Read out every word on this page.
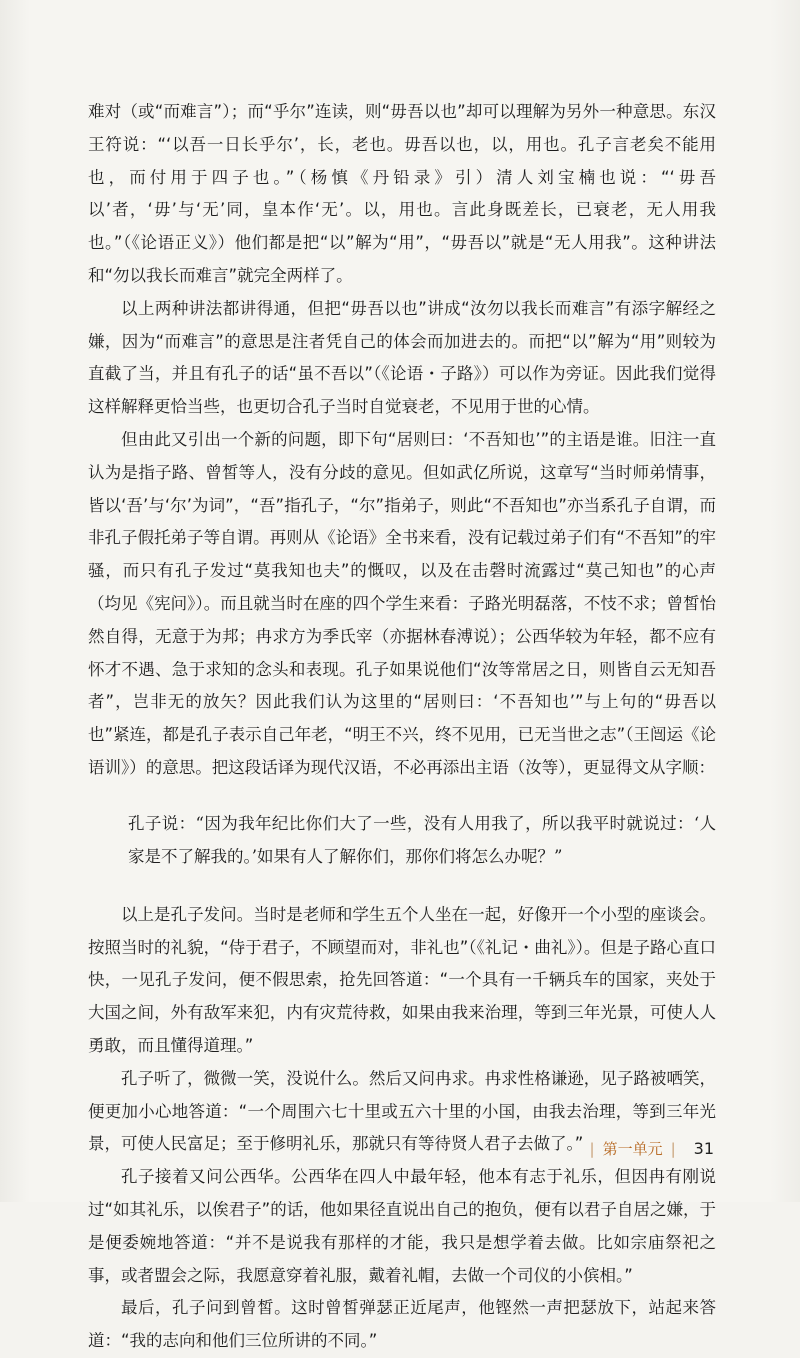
难对（或“而难言”）；而“乎尔”连读，则“毋吾以也”却可以理解为另外一种意思。东汉王符说：“‘以吾一日长乎尔’，长，老也。毋吾以也，以，用也。孔子言老矣不能用也，而付用于四子也。”（杨慎《丹铅录》引）清人刘宝楠也说：“‘毋吾以’者，‘毋’与‘无’同，皇本作‘无’。以，用也。言此身既差长，已衰老，无人用我也。”（《论语正义》）他们都是把“以”解为“用”，“毋吾以”就是“无人用我”。这种讲法和“勿以我长而难言”就完全两样了。

以上两种讲法都讲得通，但把“毋吾以也”讲成“汝勿以我长而难言”有添字解经之嫌，因为“而难言”的意思是注者凭自己的体会而加进去的。而把“以”解为“用”则较为直截了当，并且有孔子的话“虽不吾以”（《论语・子路》）可以作为旁证。因此我们觉得这样解释更恰当些，也更切合孔子当时自觉衰老，不见用于世的心情。

但由此又引出一个新的问题，即下句“居则曰：‘不吾知也’”的主语是谁。旧注一直认为是指子路、曾皙等人，没有分歧的意见。但如武亿所说，这章写“当时师弟情事，皆以‘吾’与‘尔’为词”，“吾”指孔子，“尔”指弟子，则此“不吾知也”亦当系孔子自谓，而非孔子假托弟子等自谓。再则从《论语》全书来看，没有记载过弟子们有“不吾知”的牢骚，而只有孔子发过“莫我知也夫”的慨叹，以及在击磬时流露过“莫己知也”的心声（均见《宪问》）。而且就当时在座的四个学生来看：子路光明磊落，不忮不求；曾皙怡然自得，无意于为邦；冉求方为季氏宰（亦据林春溥说）；公西华较为年轻，都不应有怀才不遇、急于求知的念头和表现。孔子如果说他们“汝等常居之日，则皆自云无知吾者”，岂非无的放矢？因此我们认为这里的“居则曰：‘不吾知也’”与上句的“毋吾以也”紧连，都是孔子表示自己年老，“明王不兴，终不见用，已无当世之志”（王闿运《论语训》）的意思。把这段话译为现代汉语，不必再添出主语（汝等），更显得文从字顺：

孔子说：“因为我年纪比你们大了一些，没有人用我了，所以我平时就说过：‘人家是不了解我的。’如果有人了解你们，那你们将怎么办呢？”

以上是孔子发问。当时是老师和学生五个人坐在一起，好像开一个小型的座谈会。按照当时的礼貌，“侍于君子，不顾望而对，非礼也”（《礼记・曲礼》）。但是子路心直口快，一见孔子发问，便不假思索，抢先回答道：“一个具有一千辆兵车的国家，夹处于大国之间，外有敌军来犯，内有灾荒待救，如果由我来治理，等到三年光景，可使人人勇敢，而且懂得道理。”

孔子听了，微微一笑，没说什么。然后又问冉求。冉求性格谦逊，见子路被哂笑，便更加小心地答道：“一个周围六七十里或五六十里的小国，由我去治理，等到三年光景，可使人民富足；至于修明礼乐，那就只有等待贤人君子去做了。”

孔子接着又问公西华。公西华在四人中最年轻，他本有志于礼乐，但因冉有刚说过“如其礼乐，以俟君子”的话，他如果径直说出自己的抱负，便有以君子自居之嫌，于是便委婉地答道：“并不是说我有那样的才能，我只是想学着去做。比如宗庙祭祀之事，或者盟会之际，我愿意穿着礼服，戴着礼帽，去做一个司仪的小傧相。”

最后，孔子问到曾皙。这时曾皙弹瑟正近尾声，他铿然一声把瑟放下，站起来答道：“我的志向和他们三位所讲的不同。”

| 第一单元 | 31
